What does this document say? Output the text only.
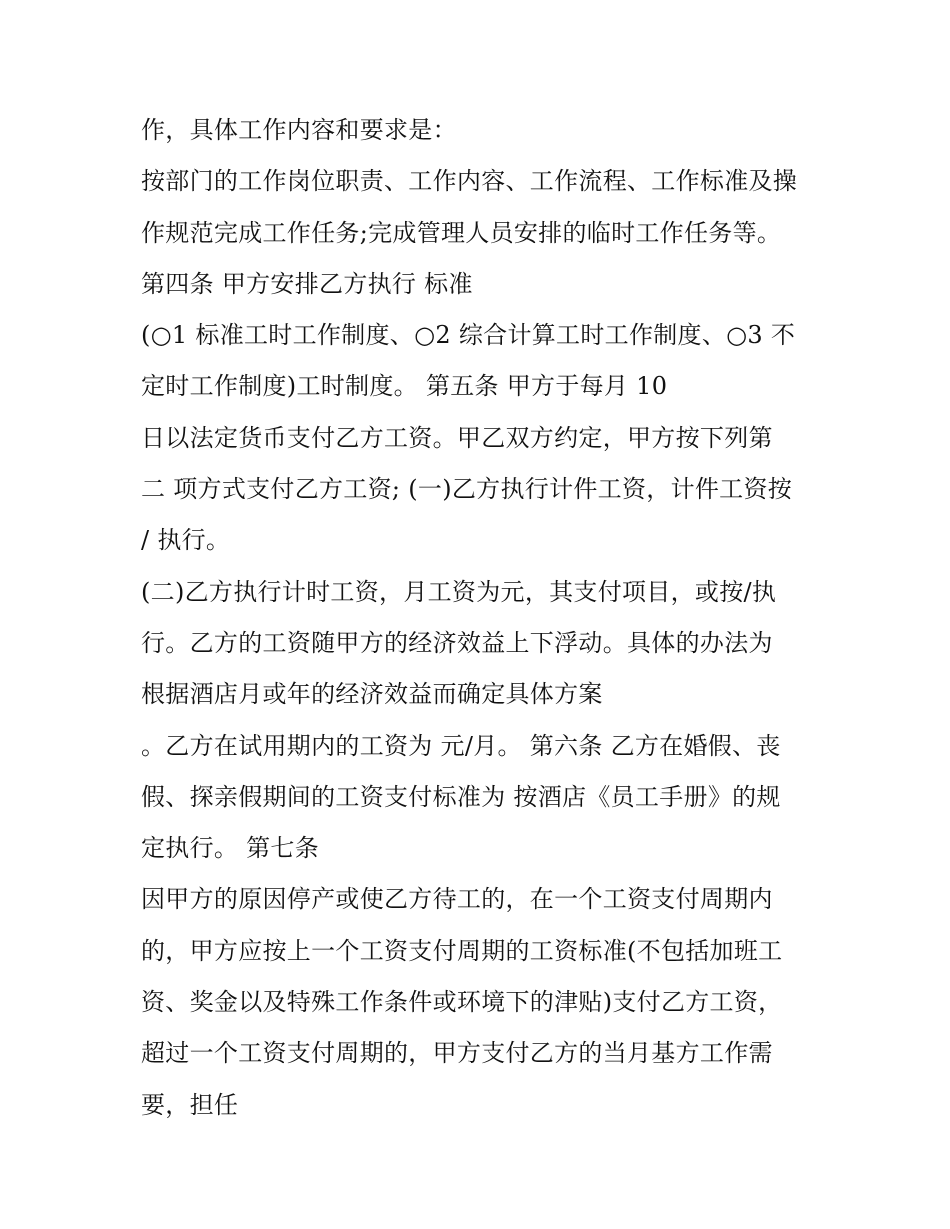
作，具体工作内容和要求是：
按部门的工作岗位职责、工作内容、工作流程、工作标准及操
作规范完成工作任务;完成管理人员安排的临时工作任务等。
第四条 甲方安排乙方执行 标准
(○1 标准工时工作制度、○2 综合计算工时工作制度、○3 不
定时工作制度)工时制度。 第五条 甲方于每月 10
日以法定货币支付乙方工资。甲乙双方约定，甲方按下列第
二 项方式支付乙方工资; (一)乙方执行计件工资，计件工资按
/ 执行。
(二)乙方执行计时工资，月工资为元，其支付项目，或按/执
行。乙方的工资随甲方的经济效益上下浮动。具体的办法为
根据酒店月或年的经济效益而确定具体方案
。乙方在试用期内的工资为 元/月。 第六条 乙方在婚假、丧
假、探亲假期间的工资支付标准为 按酒店《员工手册》的规
定执行。 第七条
因甲方的原因停产或使乙方待工的，在一个工资支付周期内
的，甲方应按上一个工资支付周期的工资标准(不包括加班工
资、奖金以及特殊工作条件或环境下的津贴)支付乙方工资，
超过一个工资支付周期的，甲方支付乙方的当月基方工作需
要，担任
